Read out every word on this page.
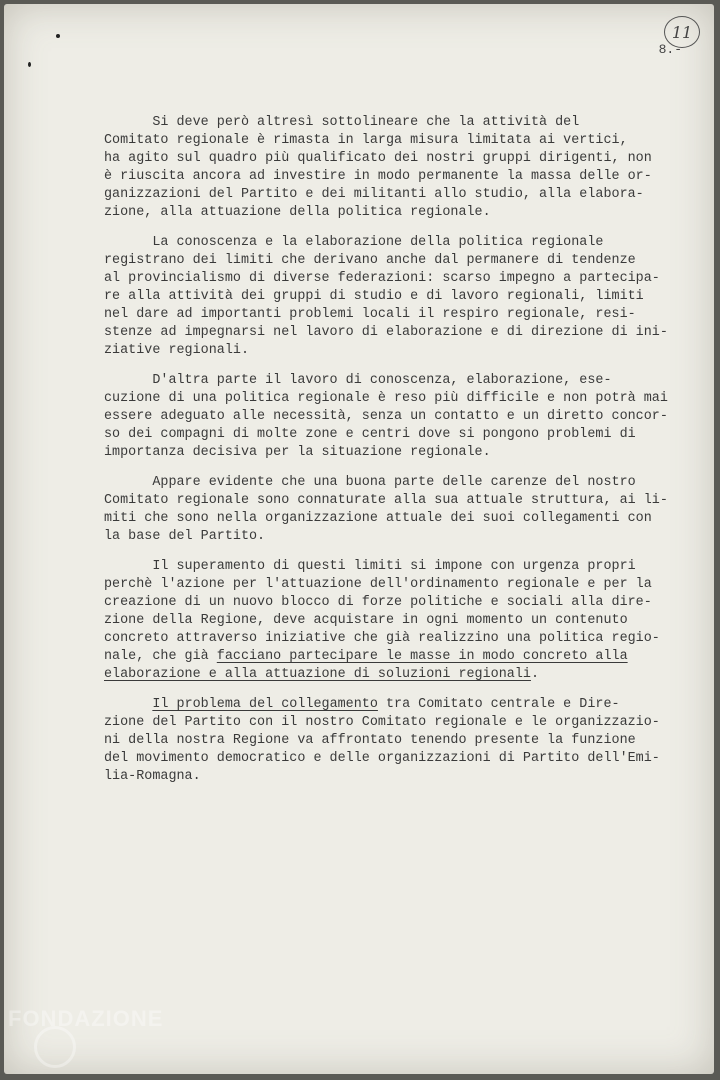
11
8.-

Si deve però altresì sottolineare che la attività del
Comitato regionale è rimasta in larga misura limitata ai vertici,
ha agito sul quadro più qualificato dei nostri gruppi dirigenti, non
è riuscita ancora ad investire in modo permanente la massa delle or-
ganizzazioni del Partito e dei militanti allo studio, alla elabora-
zione, alla attuazione della politica regionale.

La conoscenza e la elaborazione della politica regionale
registrano dei limiti che derivano anche dal permanere di tendenze
al provincialismo di diverse federazioni: scarso impegno a partecipa-
re alla attività dei gruppi di studio e di lavoro regionali, limiti
nel dare ad importanti problemi locali il respiro regionale, resi-
stenze ad impegnarsi nel lavoro di elaborazione e di direzione di ini-
ziative regionali.

D'altra parte il lavoro di conoscenza, elaborazione, ese-
cuzione di una politica regionale è reso più difficile e non potrà mai
essere adeguato alle necessità, senza un contatto e un diretto concor-
so dei compagni di molte zone e centri dove si pongono problemi di
importanza decisiva per la situazione regionale.

Appare evidente che una buona parte delle carenze del nostro
Comitato regionale sono connaturate alla sua attuale struttura, ai li-
miti che sono nella organizzazione attuale dei suoi collegamenti con
la base del Partito.

Il superamento di questi limiti si impone con urgenza propri
perchè l'azione per l'attuazione dell'ordinamento regionale e per la
creazione di un nuovo blocco di forze politiche e sociali alla dire-
zione della Regione, deve acquistare in ogni momento un contenuto
concreto attraverso iniziative che già realizzino una politica regio-
nale, che già facciano partecipare le masse in modo concreto alla
elaborazione e alla attuazione di soluzioni regionali.

Il problema del collegamento tra Comitato centrale e Dire-
zione del Partito con il nostro Comitato regionale e le organizzazio-
ni della nostra Regione va affrontato tenendo presente la funzione
del movimento democratico e delle organizzazioni di Partito dell'Emi-
lia-Romagna.

FONDAZIONE
